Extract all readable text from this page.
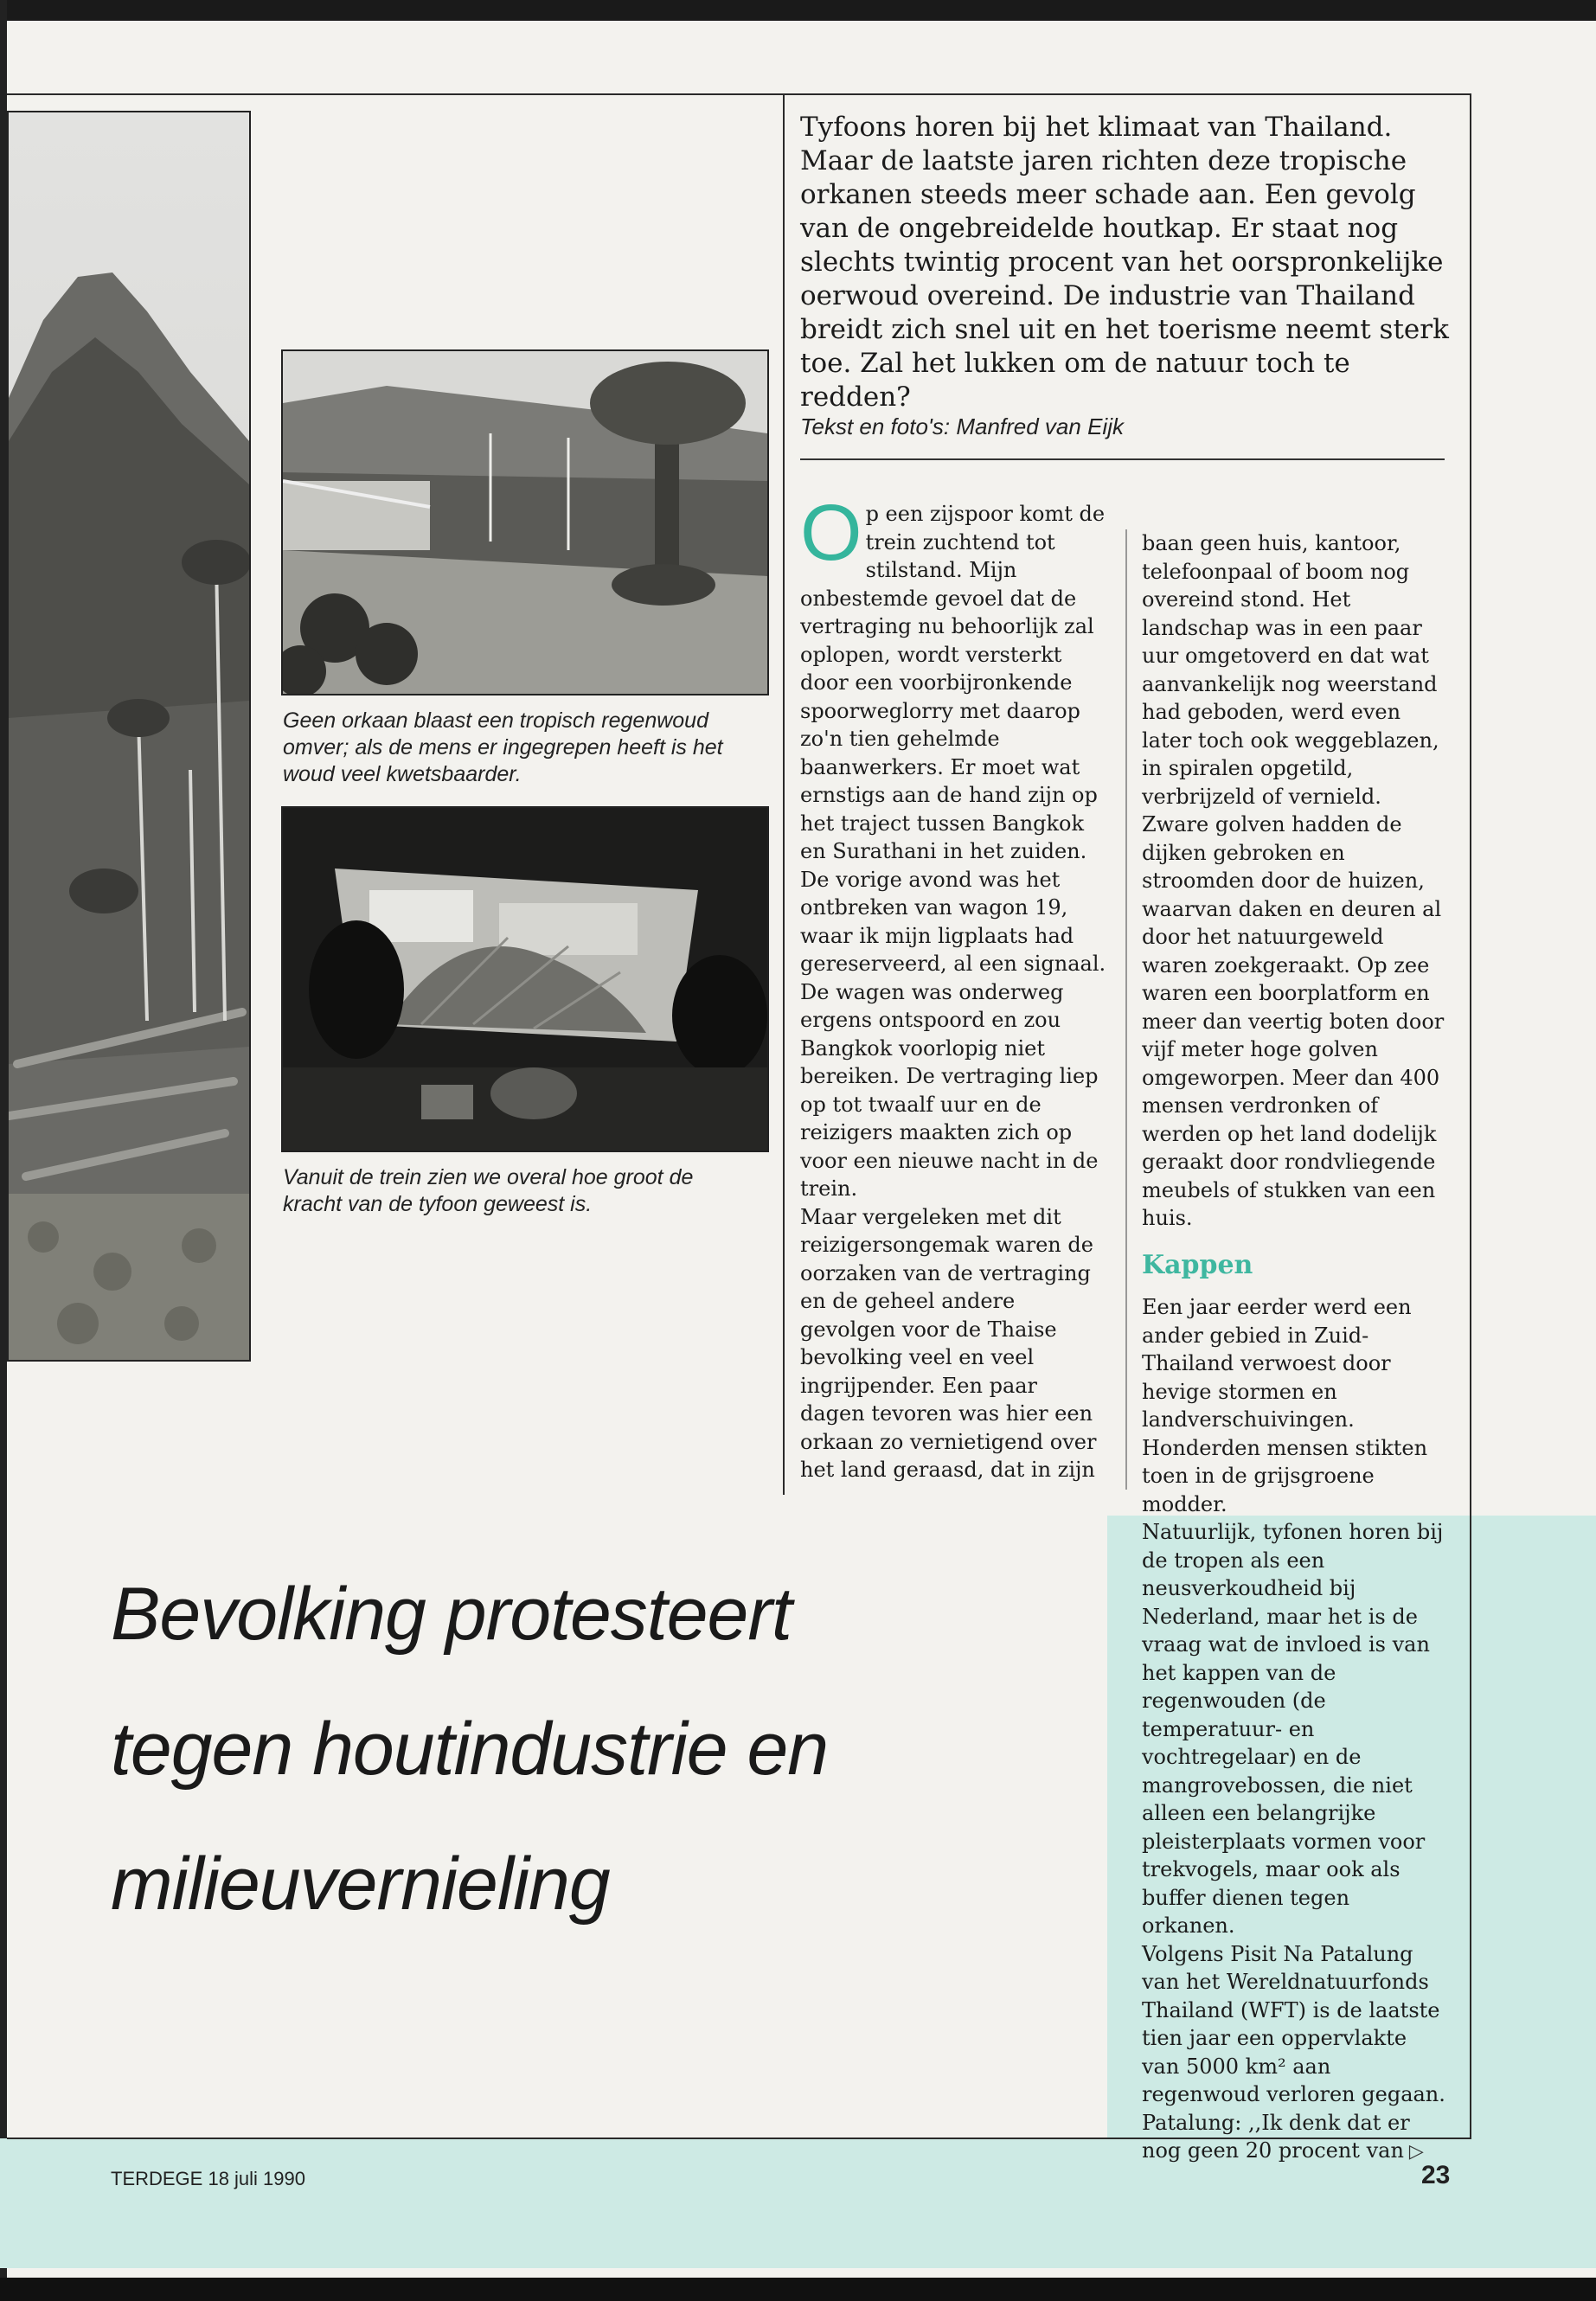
Geen orkaan blaast een tropisch regenwoud omver; als de mens er ingegrepen heeft is het woud veel kwetsbaarder.

Vanuit de trein zien we overal hoe groot de kracht van de tyfoon geweest is.

Tyfoons horen bij het klimaat van Thailand. Maar de laatste jaren richten deze tropische orkanen steeds meer schade aan. Een gevolg van de ongebreidelde houtkap. Er staat nog slechts twintig procent van het oorspronkelijke oerwoud overeind. De industrie van Thailand breidt zich snel uit en het toerisme neemt sterk toe. Zal het lukken om de natuur toch te redden?

Tekst en foto's: Manfred van Eijk

Op een zijspoor komt de trein zuchtend tot stilstand. Mijn onbestemde gevoel dat de vertraging nu behoorlijk zal oplopen, wordt versterkt door een voorbijronkende spoorweglorry met daarop zo'n tien gehelmde baanwerkers. Er moet wat ernstigs aan de hand zijn op het traject tussen Bangkok en Surathani in het zuiden. De vorige avond was het ontbreken van wagon 19, waar ik mijn ligplaats had gereserveerd, al een signaal. De wagen was onderweg ergens ontspoord en zou Bangkok voorlopig niet bereiken. De vertraging liep op tot twaalf uur en de reizigers maakten zich op voor een nieuwe nacht in de trein.

Maar vergeleken met dit reizigersongemak waren de oorzaken van de vertraging en de geheel andere gevolgen voor de Thaise bevolking veel en veel ingrijpender. Een paar dagen tevoren was hier een orkaan zo vernietigend over het land geraasd, dat in zijn

baan geen huis, kantoor, telefoonpaal of boom nog overeind stond. Het landschap was in een paar uur omgetoverd en dat wat aanvankelijk nog weerstand had geboden, werd even later toch ook weggeblazen, in spiralen opgetild, verbrijzeld of vernield. Zware golven hadden de dijken gebroken en stroomden door de huizen, waarvan daken en deuren al door het natuurgeweld waren zoekgeraakt. Op zee waren een boorplatform en meer dan veertig boten door vijf meter hoge golven omgeworpen. Meer dan 400 mensen verdronken of werden op het land dodelijk geraakt door rondvliegende meubels of stukken van een huis.

Kappen

Een jaar eerder werd een ander gebied in Zuid-Thailand verwoest door hevige stormen en landverschuivingen. Honderden mensen stikten toen in de grijsgroene modder.

Natuurlijk, tyfonen horen bij de tropen als een neusverkoudheid bij Nederland, maar het is de vraag wat de invloed is van het kappen van de regenwouden (de temperatuur- en vochtregelaar) en de mangrovebossen, die niet alleen een belangrijke pleisterplaats vormen voor trekvogels, maar ook als buffer dienen tegen orkanen.

Volgens Pisit Na Patalung van het Wereldnatuurfonds Thailand (WFT) is de laatste tien jaar een oppervlakte van 5000 km² aan regenwoud verloren gegaan. Patalung: ,,Ik denk dat er nog geen 20 procent van ▷

Bevolking protesteert
tegen houtindustrie en
milieuvernieling
TERDEGE 18 juli 1990	23
